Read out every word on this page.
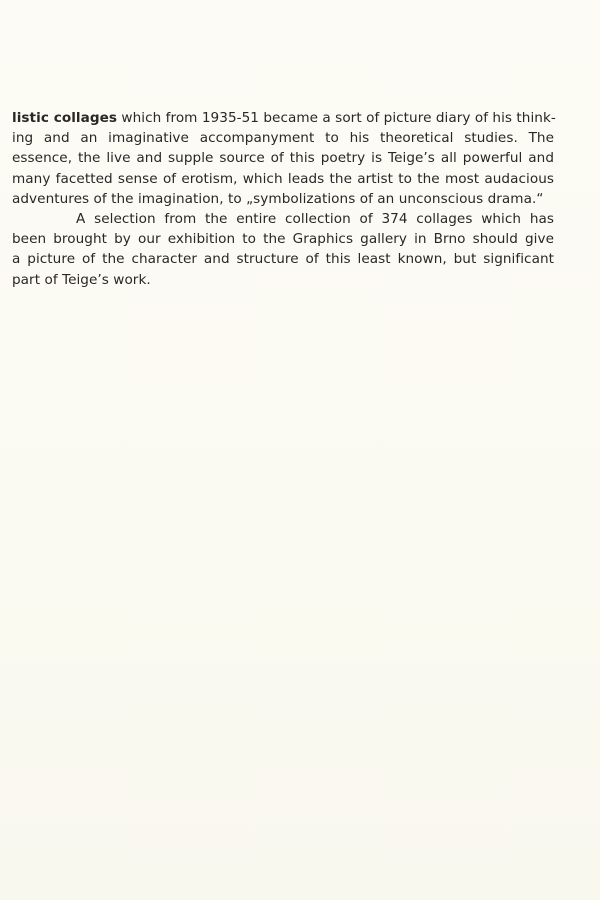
listic collages which from 1935-51 became a sort of picture diary of his think-
ing and an imaginative accompanyment to his theoretical studies. The
essence, the live and supple source of this poetry is Teige’s all powerful and
many facetted sense of erotism, which leads the artist to the most audacious
adventures of the imagination, to „symbolizations of an unconscious drama.“
A selection from the entire collection of 374 collages which has
been brought by our exhibition to the Graphics gallery in Brno should give
a picture of the character and structure of this least known, but significant
part of Teige’s work.
